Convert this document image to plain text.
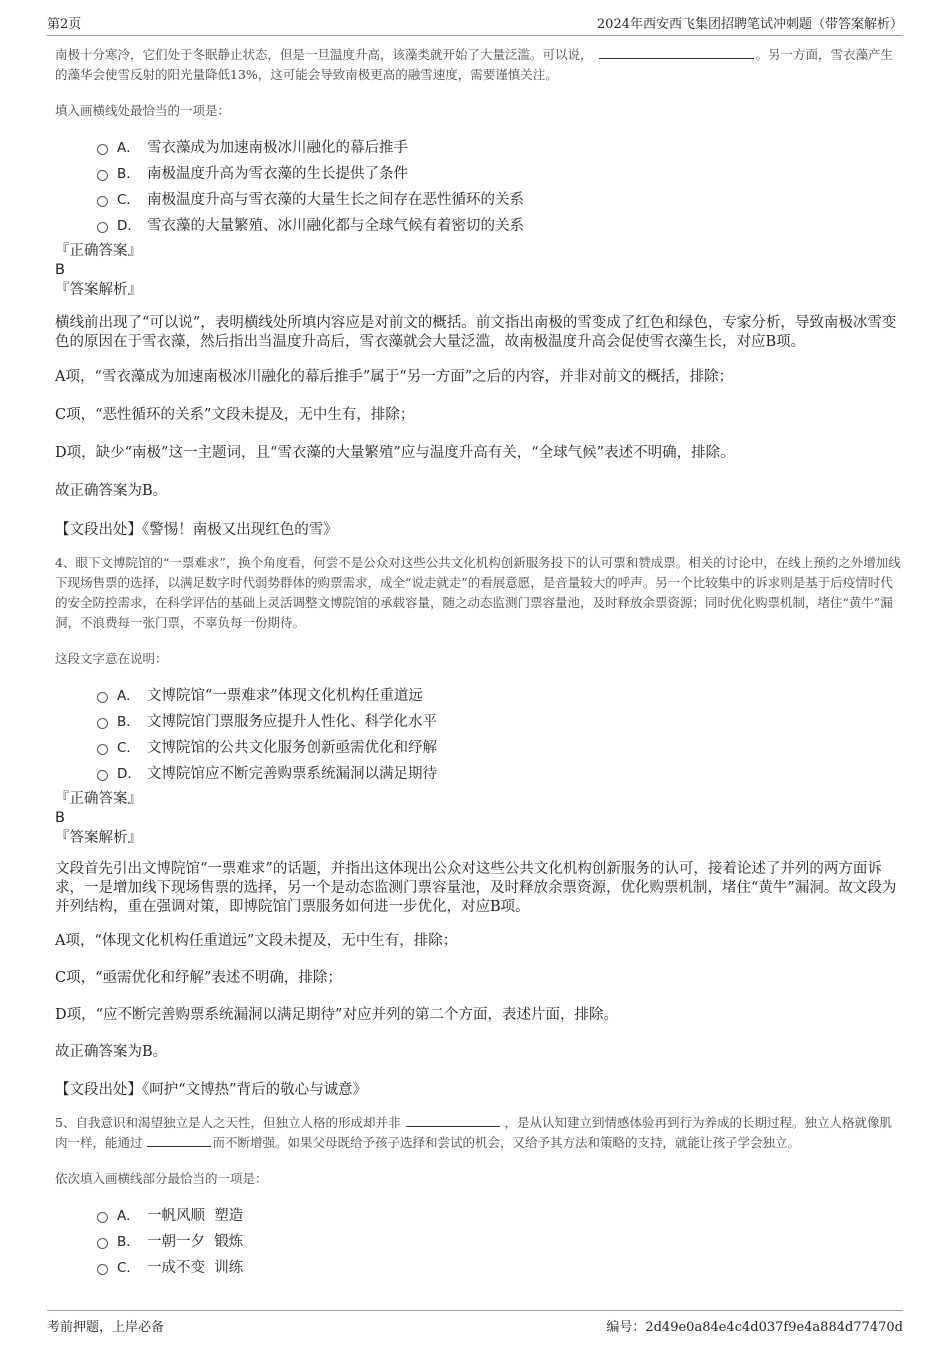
第2页	2024年西安西飞集团招聘笔试冲刺题（带答案解析）

南极十分寒冷，它们处于冬眠静止状态，但是一旦温度升高，该藻类就开始了大量泛滥。可以说，	。另一方面，雪衣藻产生的藻华会使雪反射的阳光量降低13%，这可能会导致南极更高的融雪速度，需要谨慎关注。

填入画横线处最恰当的一项是：

A． 雪衣藻成为加速南极冰川融化的幕后推手
B． 南极温度升高为雪衣藻的生长提供了条件
C． 南极温度升高与雪衣藻的大量生长之间存在恶性循环的关系
D． 雪衣藻的大量繁殖、冰川融化都与全球气候有着密切的关系

『正确答案』

B

『答案解析』

横线前出现了“可以说”，表明横线处所填内容应是对前文的概括。前文指出南极的雪变成了红色和绿色，专家分析，导致南极冰雪变色的原因在于雪衣藻，然后指出当温度升高后，雪衣藻就会大量泛滥，故南极温度升高会促使雪衣藻生长，对应B项。

A项，“雪衣藻成为加速南极冰川融化的幕后推手”属于“另一方面”之后的内容，并非对前文的概括，排除；

C项，“恶性循环的关系”文段未提及，无中生有，排除；

D项，缺少“南极”这一主题词，且“雪衣藻的大量繁殖”应与温度升高有关，“全球气候”表述不明确，排除。

故正确答案为B。

【文段出处】《警惕！南极又出现红色的雪》

4、眼下文博院馆的“一票难求”，换个角度看，何尝不是公众对这些公共文化机构创新服务投下的认可票和赞成票。相关的讨论中，在线上预约之外增加线下现场售票的选择，以满足数字时代弱势群体的购票需求，成全“说走就走”的看展意愿，是音量较大的呼声。另一个比较集中的诉求则是基于后疫情时代的安全防控需求，在科学评估的基础上灵活调整文博院馆的承载容量，随之动态监测门票容量池，及时释放余票资源；同时优化购票机制，堵住“黄牛”漏洞，不浪费每一张门票，不辜负每一份期待。

这段文字意在说明：

A． 文博院馆“一票难求”体现文化机构任重道远
B． 文博院馆门票服务应提升人性化、科学化水平
C． 文博院馆的公共文化服务创新亟需优化和纾解
D． 文博院馆应不断完善购票系统漏洞以满足期待

『正确答案』

B

『答案解析』

文段首先引出文博院馆“一票难求”的话题，并指出这体现出公众对这些公共文化机构创新服务的认可，接着论述了并列的两方面诉求，一是增加线下现场售票的选择，另一个是动态监测门票容量池，及时释放余票资源，优化购票机制，堵住“黄牛”漏洞。故文段为并列结构，重在强调对策，即博院馆门票服务如何进一步优化，对应B项。

A项，“体现文化机构任重道远”文段未提及，无中生有，排除；

C项，“亟需优化和纾解”表述不明确，排除；

D项，“应不断完善购票系统漏洞以满足期待”对应并列的第二个方面，表述片面，排除。

故正确答案为B。

【文段出处】《呵护“文博热”背后的敬心与诚意》

5、自我意识和渴望独立是人之天性，但独立人格的形成却并非	，是从认知建立到情感体验再到行为养成的长期过程。独立人格就像肌肉一样，能通过	而不断增强。如果父母既给予孩子选择和尝试的机会，又给予其方法和策略的支持，就能让孩子学会独立。

依次填入画横线部分最恰当的一项是：

A． 一帆风顺  塑造
B． 一朝一夕  锻炼
C． 一成不变  训练
考前押题，上岸必备	编号：2d49e0a84e4c4d037f9e4a884d77470d
